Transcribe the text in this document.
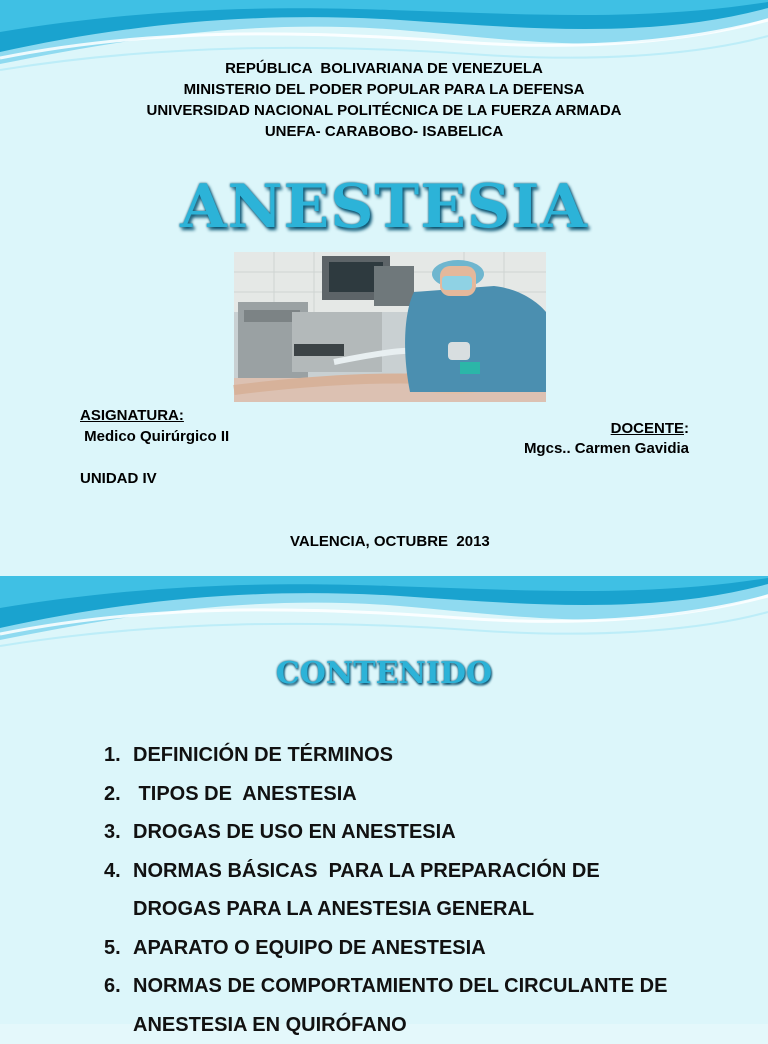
REPÚBLICA  BOLIVARIANA DE VENEZUELA
MINISTERIO DEL PODER POPULAR PARA LA DEFENSA
UNIVERSIDAD NACIONAL POLITÉCNICA DE LA FUERZA ARMADA
UNEFA- CARABOBO- ISABELICA
ANESTESIA
ASIGNATURA:
Medico Quirúrgico II
UNIDAD IV
DOCENTE:
Mgcs.. Carmen Gavidia
VALENCIA, OCTUBRE  2013
CONTENIDO
1. DEFINICIÓN DE TÉRMINOS
2. TIPOS DE  ANESTESIA
3. DROGAS DE USO EN ANESTESIA
4. NORMAS BÁSICAS  PARA LA PREPARACIÓN DE
DROGAS PARA LA ANESTESIA GENERAL
5. APARATO O EQUIPO DE ANESTESIA
6. NORMAS DE COMPORTAMIENTO DEL CIRCULANTE DE
ANESTESIA EN QUIRÓFANO
